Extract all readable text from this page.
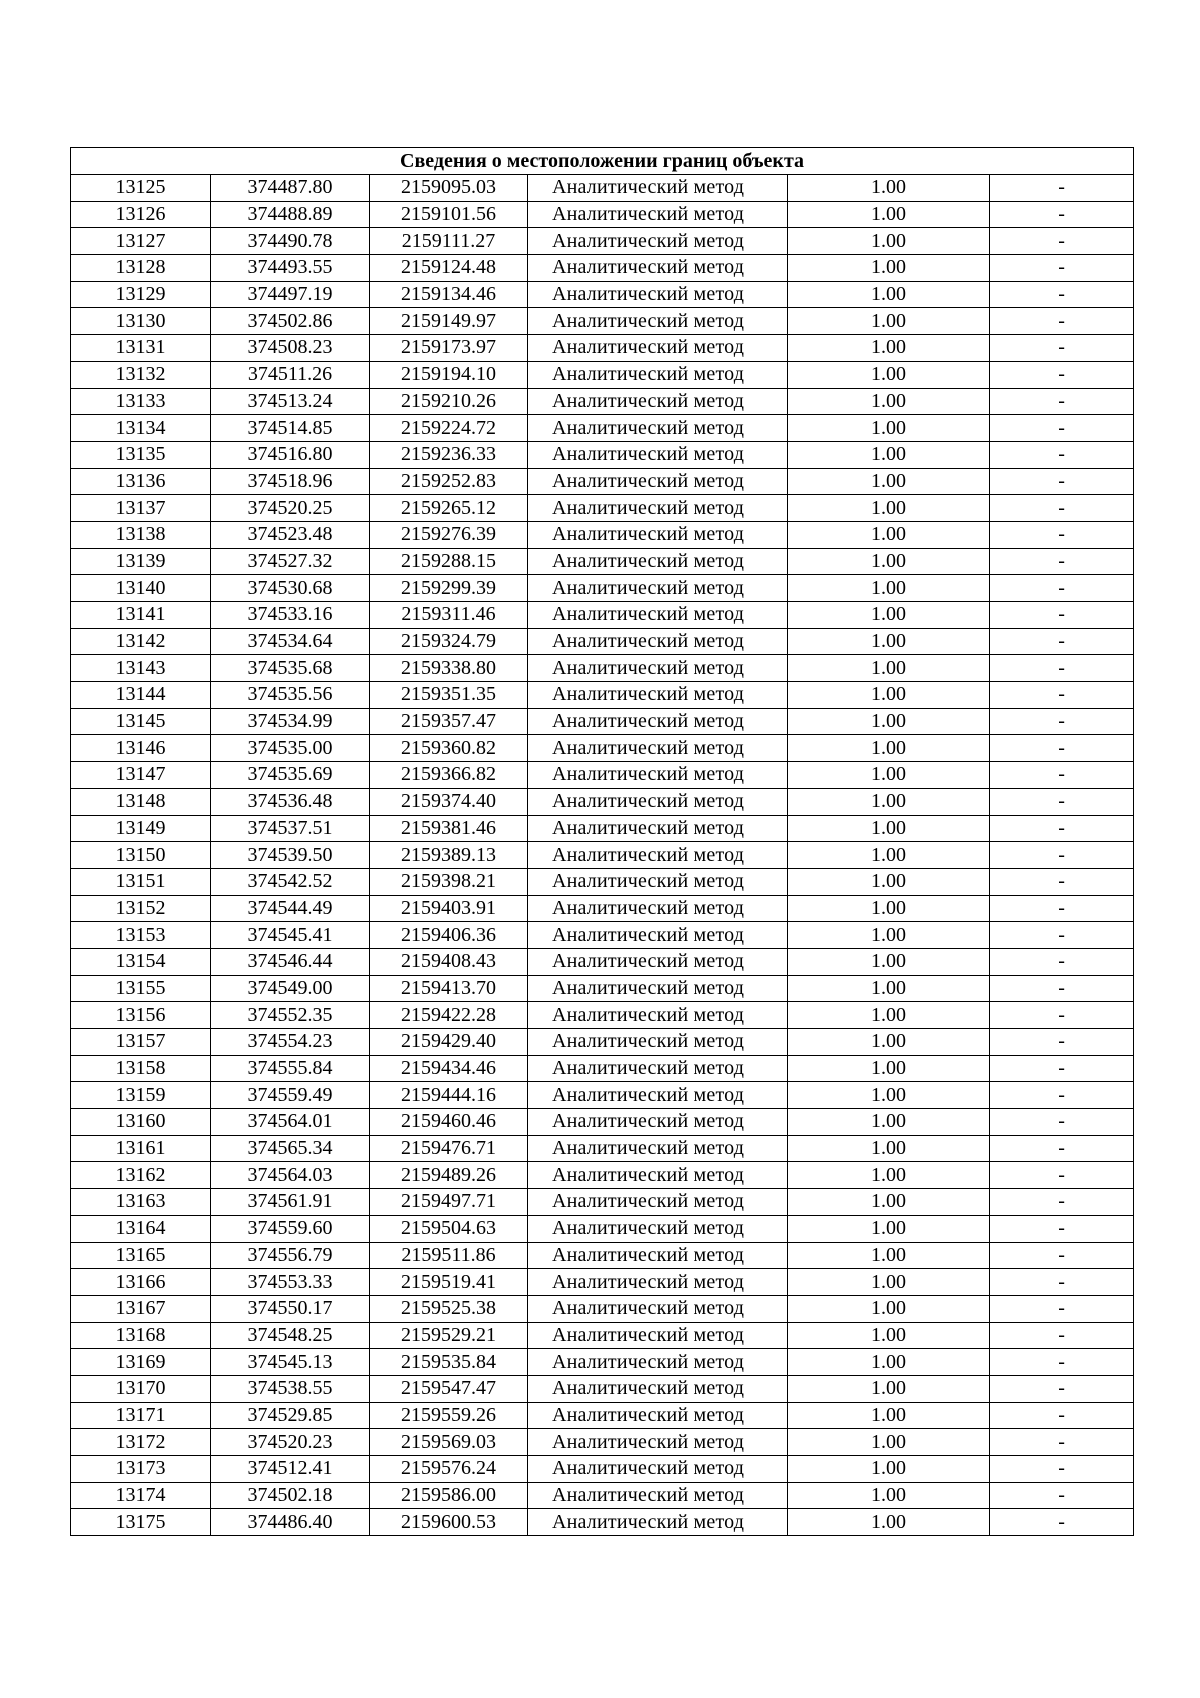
Сведения о местоположении границ объекта					
13125	374487.80	2159095.03	Аналитический метод	1.00	-
13126	374488.89	2159101.56	Аналитический метод	1.00	-
13127	374490.78	2159111.27	Аналитический метод	1.00	-
13128	374493.55	2159124.48	Аналитический метод	1.00	-
13129	374497.19	2159134.46	Аналитический метод	1.00	-
13130	374502.86	2159149.97	Аналитический метод	1.00	-
13131	374508.23	2159173.97	Аналитический метод	1.00	-
13132	374511.26	2159194.10	Аналитический метод	1.00	-
13133	374513.24	2159210.26	Аналитический метод	1.00	-
13134	374514.85	2159224.72	Аналитический метод	1.00	-
13135	374516.80	2159236.33	Аналитический метод	1.00	-
13136	374518.96	2159252.83	Аналитический метод	1.00	-
13137	374520.25	2159265.12	Аналитический метод	1.00	-
13138	374523.48	2159276.39	Аналитический метод	1.00	-
13139	374527.32	2159288.15	Аналитический метод	1.00	-
13140	374530.68	2159299.39	Аналитический метод	1.00	-
13141	374533.16	2159311.46	Аналитический метод	1.00	-
13142	374534.64	2159324.79	Аналитический метод	1.00	-
13143	374535.68	2159338.80	Аналитический метод	1.00	-
13144	374535.56	2159351.35	Аналитический метод	1.00	-
13145	374534.99	2159357.47	Аналитический метод	1.00	-
13146	374535.00	2159360.82	Аналитический метод	1.00	-
13147	374535.69	2159366.82	Аналитический метод	1.00	-
13148	374536.48	2159374.40	Аналитический метод	1.00	-
13149	374537.51	2159381.46	Аналитический метод	1.00	-
13150	374539.50	2159389.13	Аналитический метод	1.00	-
13151	374542.52	2159398.21	Аналитический метод	1.00	-
13152	374544.49	2159403.91	Аналитический метод	1.00	-
13153	374545.41	2159406.36	Аналитический метод	1.00	-
13154	374546.44	2159408.43	Аналитический метод	1.00	-
13155	374549.00	2159413.70	Аналитический метод	1.00	-
13156	374552.35	2159422.28	Аналитический метод	1.00	-
13157	374554.23	2159429.40	Аналитический метод	1.00	-
13158	374555.84	2159434.46	Аналитический метод	1.00	-
13159	374559.49	2159444.16	Аналитический метод	1.00	-
13160	374564.01	2159460.46	Аналитический метод	1.00	-
13161	374565.34	2159476.71	Аналитический метод	1.00	-
13162	374564.03	2159489.26	Аналитический метод	1.00	-
13163	374561.91	2159497.71	Аналитический метод	1.00	-
13164	374559.60	2159504.63	Аналитический метод	1.00	-
13165	374556.79	2159511.86	Аналитический метод	1.00	-
13166	374553.33	2159519.41	Аналитический метод	1.00	-
13167	374550.17	2159525.38	Аналитический метод	1.00	-
13168	374548.25	2159529.21	Аналитический метод	1.00	-
13169	374545.13	2159535.84	Аналитический метод	1.00	-
13170	374538.55	2159547.47	Аналитический метод	1.00	-
13171	374529.85	2159559.26	Аналитический метод	1.00	-
13172	374520.23	2159569.03	Аналитический метод	1.00	-
13173	374512.41	2159576.24	Аналитический метод	1.00	-
13174	374502.18	2159586.00	Аналитический метод	1.00	-
13175	374486.40	2159600.53	Аналитический метод	1.00	-
